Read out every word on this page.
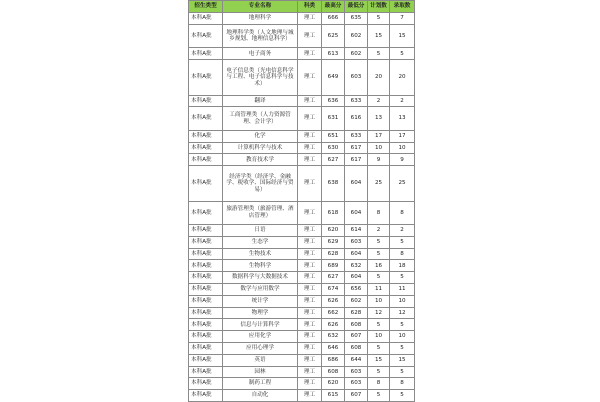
招生类型	专业名称	科类	最高分	最低分	计划数	录取数
本科A批	地理科学	理工	666	635	5	7
本科A批	地理科学类（人文地理与城乡规划、地理信息科学）	理工	625	602	15	15
本科A批	电子商务	理工	613	602	5	5
本科A批	电子信息类（光电信息科学与工程、电子信息科学与技术）	理工	649	603	20	20
本科A批	翻译	理工	636	633	2	2
本科A批	工商管理类（人力资源管理、会计学）	理工	631	616	13	13
本科A批	化学	理工	651	633	17	17
本科A批	计算机科学与技术	理工	630	617	10	10
本科A批	教育技术学	理工	627	617	9	9
本科A批	经济学类（经济学、金融学、税收学、国际经济与贸易）	理工	638	604	25	25
本科A批	旅游管理类（旅游管理、酒店管理）	理工	618	604	8	8
本科A批	日语	理工	620	614	2	2
本科A批	生态学	理工	629	603	5	5
本科A批	生物技术	理工	628	604	5	8
本科A批	生物科学	理工	689	632	16	18
本科A批	数据科学与大数据技术	理工	627	604	5	5
本科A批	数学与应用数学	理工	674	656	11	11
本科A批	统计学	理工	626	602	10	10
本科A批	物理学	理工	662	628	12	12
本科A批	信息与计算科学	理工	626	608	5	5
本科A批	应用化学	理工	632	607	10	10
本科A批	应用心理学	理工	646	608	5	5
本科A批	英语	理工	686	644	15	15
本科A批	园林	理工	608	603	5	5
本科A批	制药工程	理工	620	603	8	8
本科A批	自动化	理工	615	607	5	5
